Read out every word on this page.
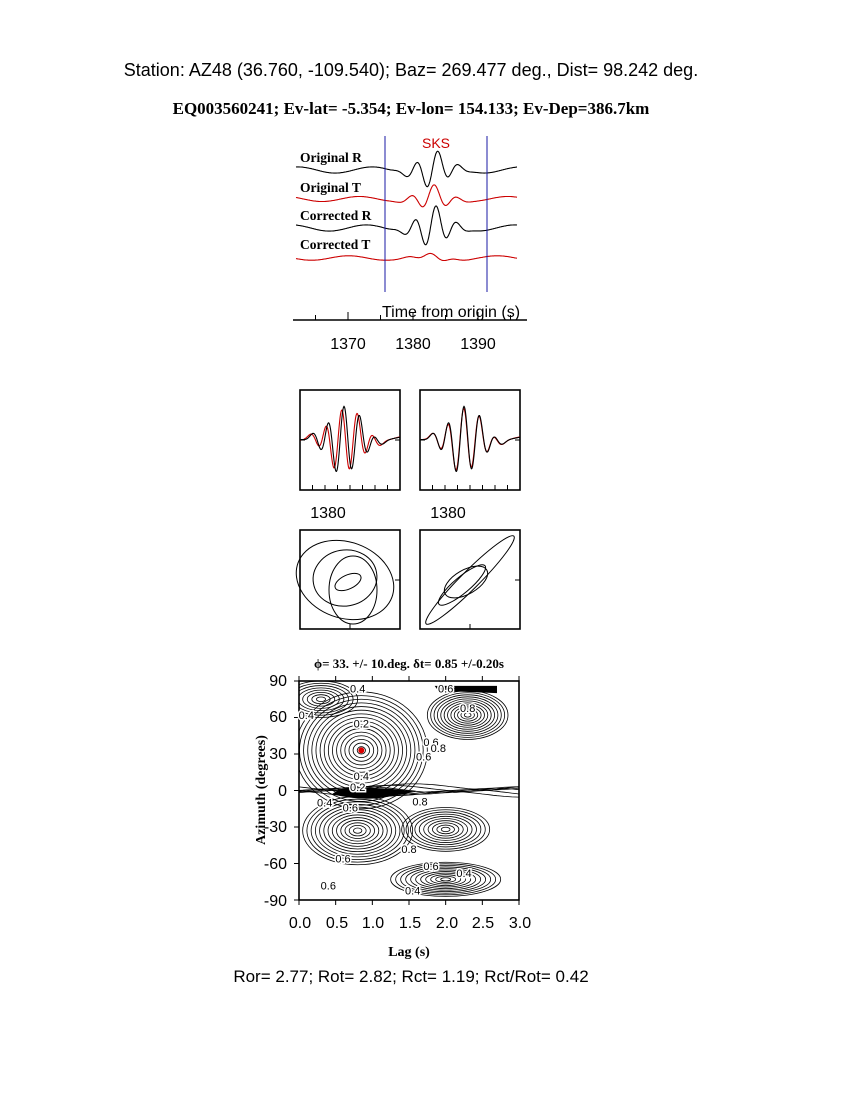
Station: AZ48 (36.760, -109.540); Baz= 269.477 deg., Dist= 98.242 deg.
EQ003560241; Ev-lat= -5.354; Ev-lon= 154.133; Ev-Dep=386.7km
SKS
Original R
Original T
Corrected R
Corrected T
Time from origin (s)
1370 1380 1390
1380	1380
ϕ= 33. +/- 10.deg. δt= 0.85 +/-0.20s
0.4	0.6
0.8
0.4
0.2
0.6
0.8
0.6
0.4
0.2
0.4 0.6
0.8
0.6
0.8
0.6
0.4
0.6	0.4
90
60
30
0
-30
-60
-90
0.0 0.5 1.0 1.5 2.0 2.5 3.0
Lag (s)
Azimuth (degrees)
Ror= 2.77; Rot= 2.82; Rct= 1.19; Rct/Rot= 0.42
